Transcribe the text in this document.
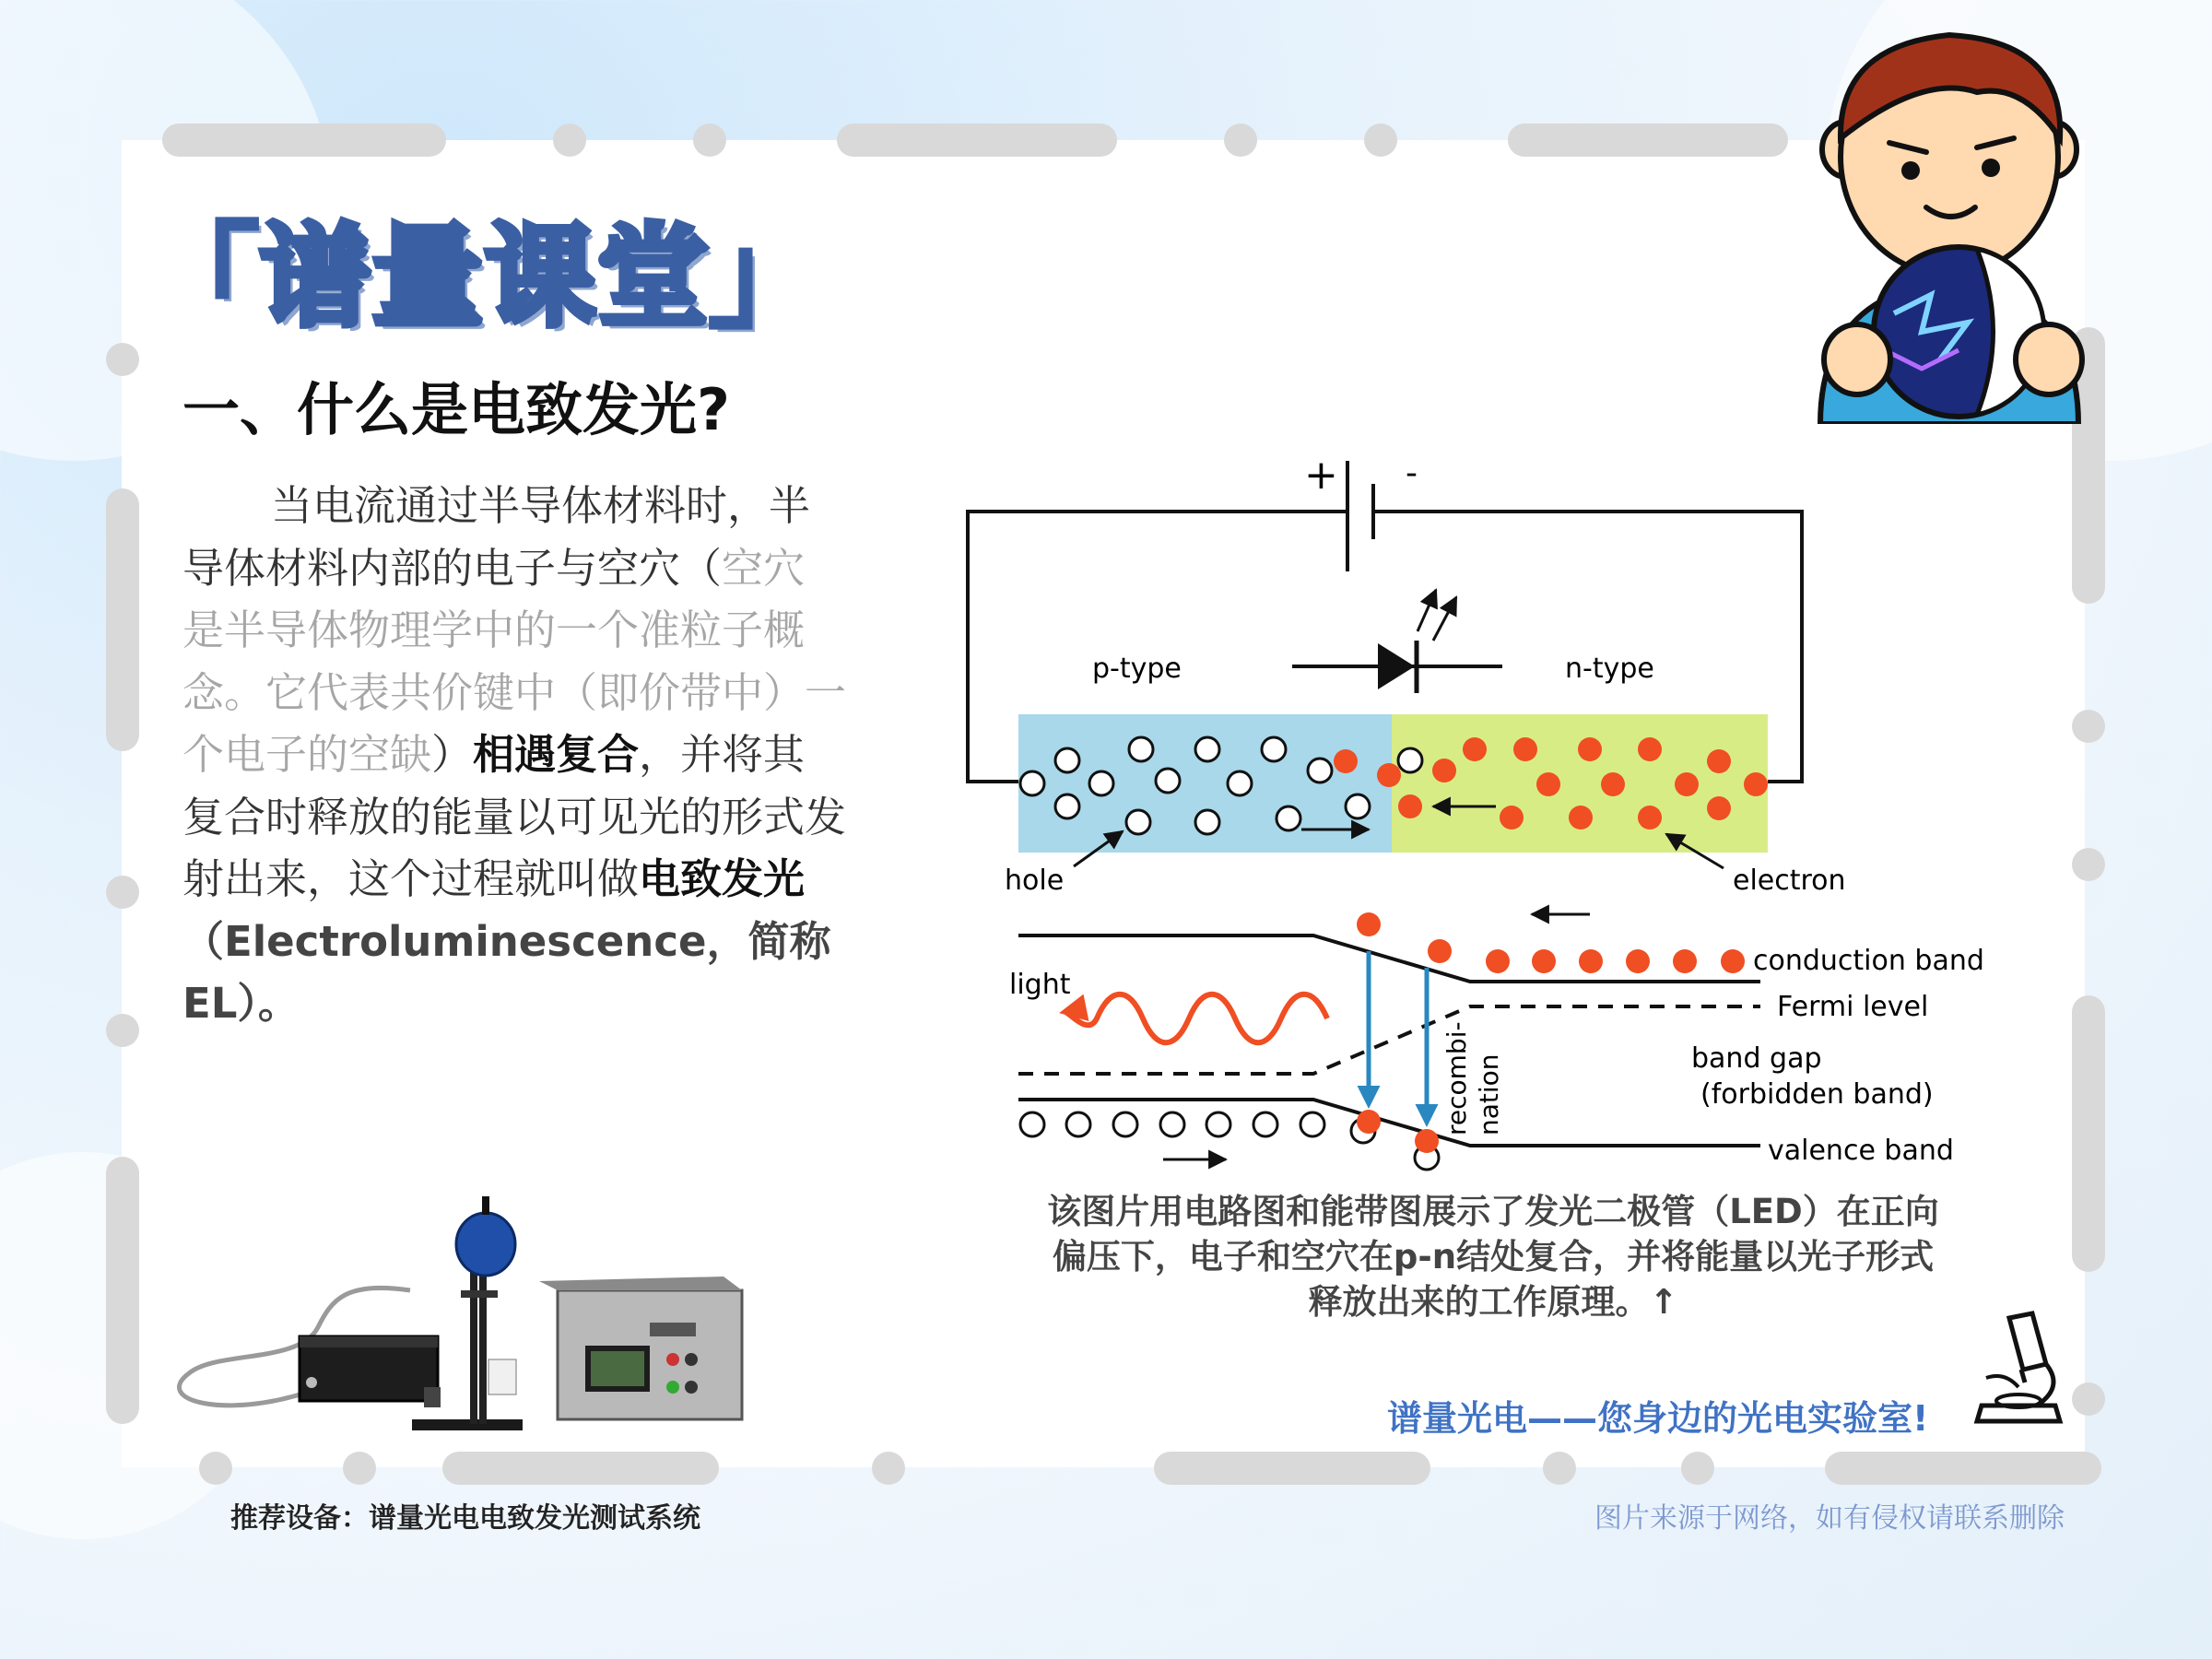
「谱量课堂」
一、什么是电致发光?
当电流通过半导体材料时，半导体材料内部的电子与空穴（空穴是半导体物理学中的一个准粒子概念。它代表共价键中（即价带中）一个电子的空缺）相遇复合，并将其复合时释放的能量以可见光的形式发射出来，这个过程就叫做电致发光（Electroluminescence，简称EL）。
+ -
p-type	n-type
hole	electron
light
recombi- nation
conduction band
Fermi level
band gap
(forbidden band)
valence band
该图片用电路图和能带图展示了发光二极管（LED）在正向
偏压下，电子和空穴在p-n结处复合，并将能量以光子形式
释放出来的工作原理。↑
谱量光电——您身边的光电实验室!
推荐设备：谱量光电电致发光测试系统	图片来源于网络，如有侵权请联系删除
